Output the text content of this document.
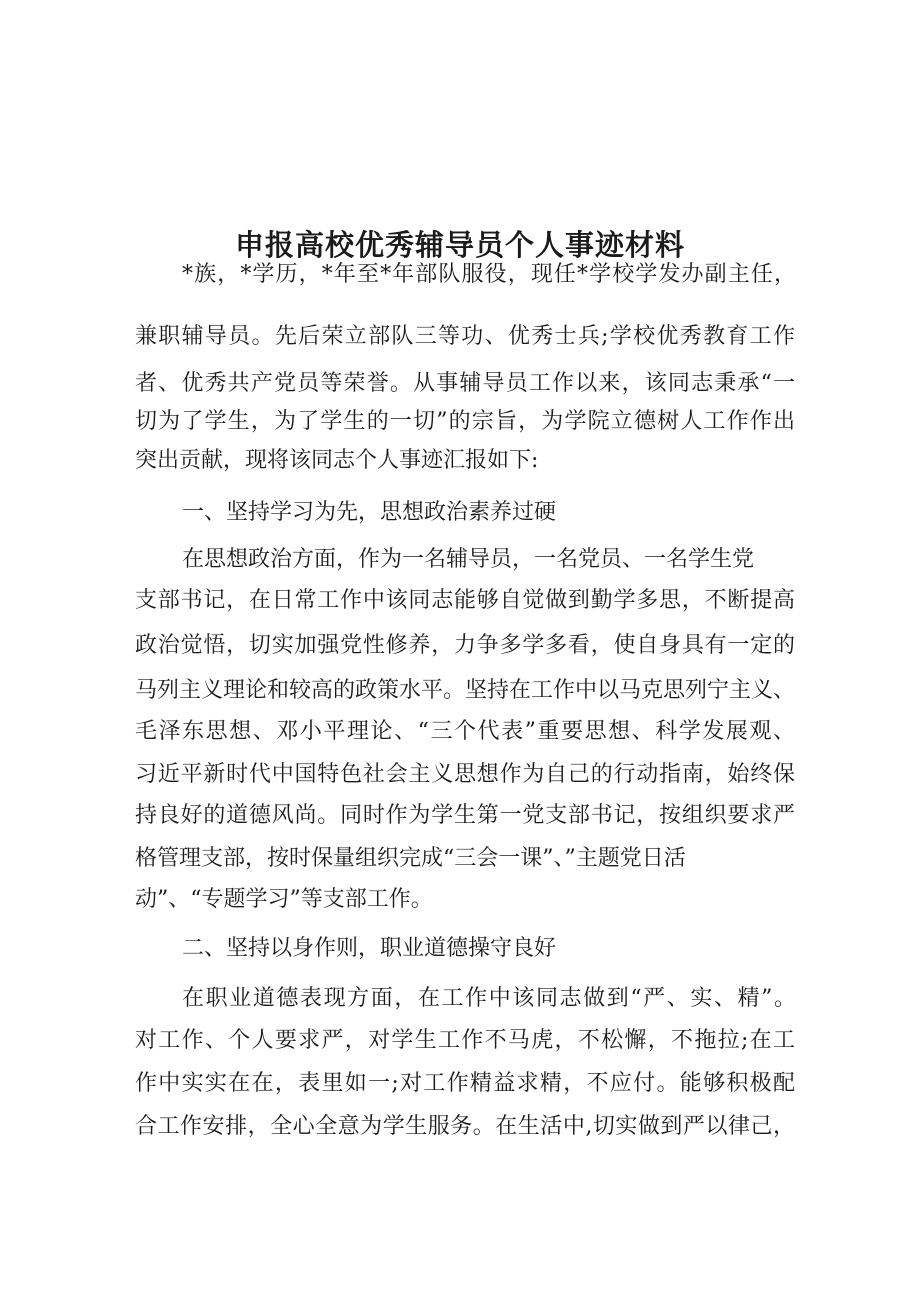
申报高校优秀辅导员个人事迹材料
*族，*学历，*年至*年部队服役，现任*学校学发办副主任，
兼职辅导员。先后荣立部队三等功、优秀士兵;学校优秀教育工作
者、优秀共产党员等荣誉。从事辅导员工作以来，该同志秉承“一
切为了学生，为了学生的一切”的宗旨，为学院立德树人工作作出
突出贡献，现将该同志个人事迹汇报如下:
一、坚持学习为先，思想政治素养过硬
在思想政治方面，作为一名辅导员，一名党员、一名学生党
支部书记，在日常工作中该同志能够自觉做到勤学多思，不断提高
政治觉悟，切实加强党性修养，力争多学多看，使自身具有一定的
马列主义理论和较高的政策水平。坚持在工作中以马克思列宁主义、
毛泽东思想、邓小平理论、“三个代表”重要思想、科学发展观、
习近平新时代中国特色社会主义思想作为自己的行动指南，始终保
持良好的道德风尚。同时作为学生第一党支部书记，按组织要求严
格管理支部，按时保量组织完成“三会一课”、”主题党日活
动”、“专题学习”等支部工作。
二、坚持以身作则，职业道德操守良好
在职业道德表现方面，在工作中该同志做到“严、实、精”。
对工作、个人要求严，对学生工作不马虎，不松懈，不拖拉;在工
作中实实在在，表里如一;对工作精益求精，不应付。能够积极配
合工作安排，全心全意为学生服务。在生活中,切实做到严以律己，
